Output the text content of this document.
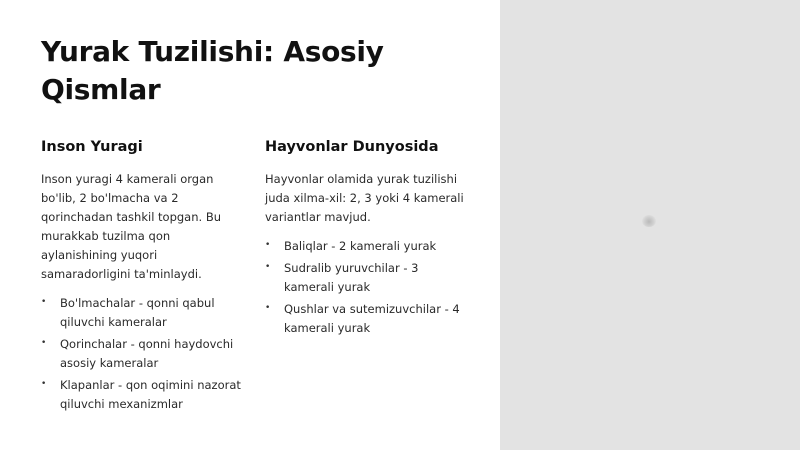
Yurak Tuzilishi: Asosiy Qismlar
Inson Yuragi

Inson yuragi 4 kamerali organ bo'lib, 2 bo'lmacha va 2 qorinchadan tashkil topgan. Bu murakkab tuzilma qon aylanishining yuqori samaradorligini ta'minlaydi.

• Bo'lmachalar - qonni qabul qiluvchi kameralar
• Qorinchalar - qonni haydovchi asosiy kameralar
• Klapanlar - qon oqimini nazorat qiluvchi mexanizmlar
Hayvonlar Dunyosida

Hayvonlar olamida yurak tuzilishi juda xilma-xil: 2, 3 yoki 4 kamerali variantlar mavjud.

• Baliqlar - 2 kamerali yurak
• Sudralib yuruvchilar - 3 kamerali yurak
• Qushlar va sutemizuvchilar - 4 kamerali yurak
